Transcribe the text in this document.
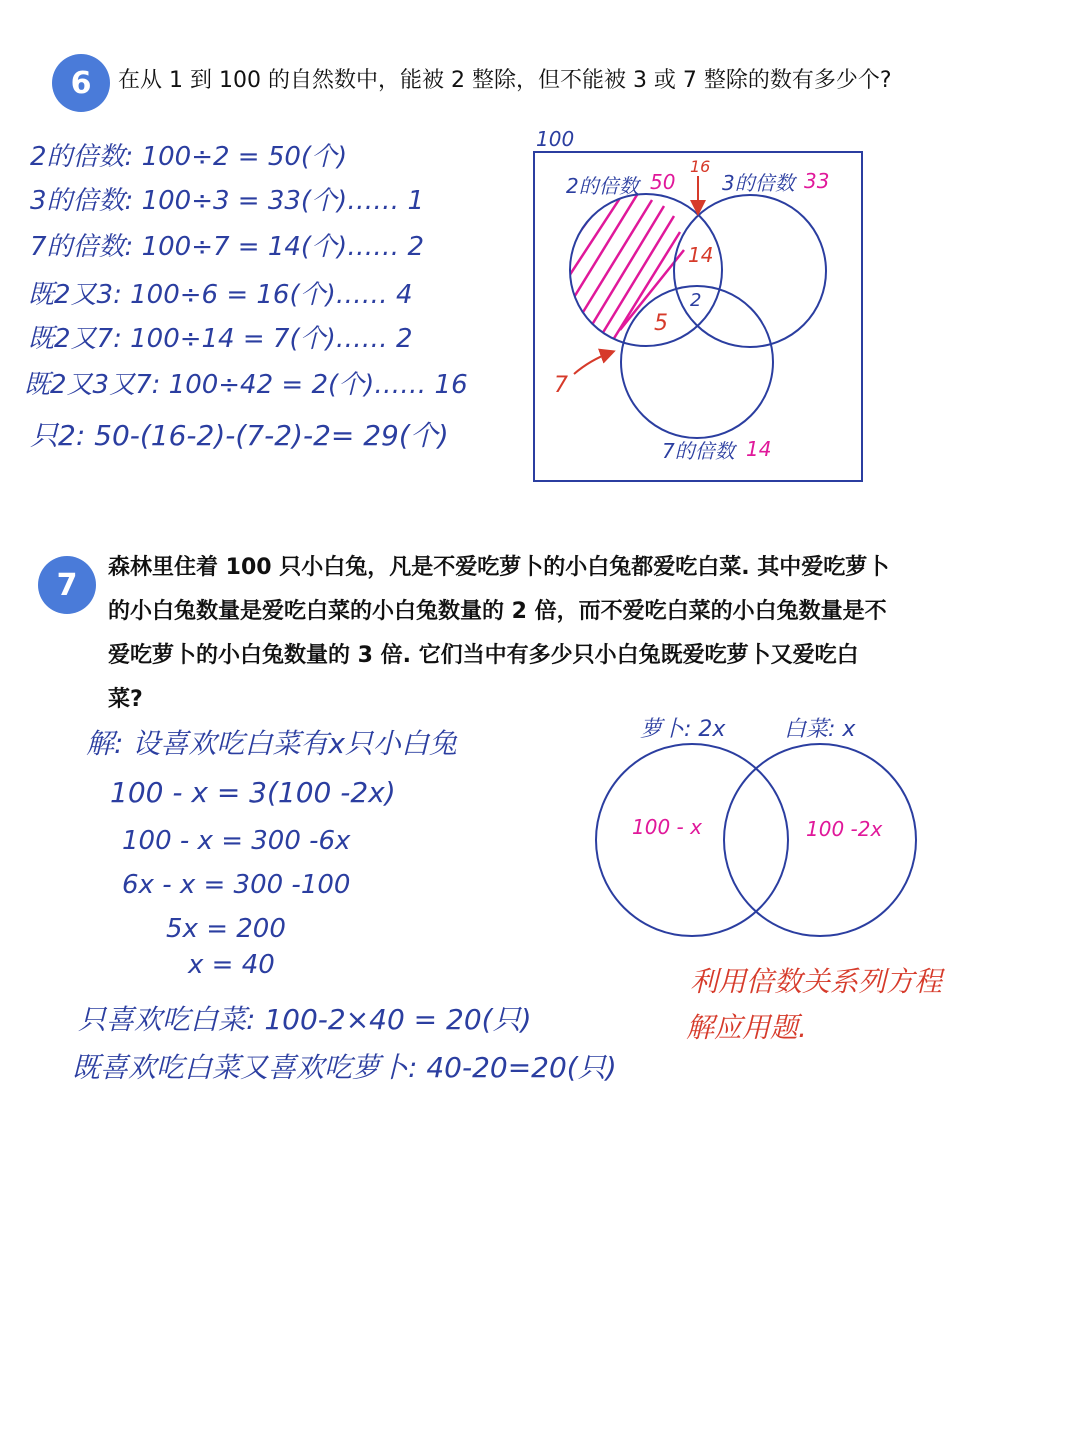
6	在从 1 到 100 的自然数中，能被 2 整除，但不能被 3 或 7 整除的数有多少个?
2的倍数: 100÷2 = 50(个)
3的倍数: 100÷3 = 33(个)…… 1
7的倍数: 100÷7 = 14(个)…… 2
既2又3: 100÷6 = 16(个)…… 4
既2又7: 100÷14 = 7(个)…… 2
既2又3又7: 100÷42 = 2(个)…… 16
只2: 50-(16-2)-(7-2)-2= 29(个)
100
2的倍数 50 3的倍数 33
7的倍数 14
16
14
2
5
7
7	森林里住着 100 只小白兔，凡是不爱吃萝卜的小白兔都爱吃白菜. 其中爱吃萝卜
的小白兔数量是爱吃白菜的小白兔数量的 2 倍，而不爱吃白菜的小白兔数量是不
爱吃萝卜的小白兔数量的 3 倍. 它们当中有多少只小白兔既爱吃萝卜又爱吃白
菜?
解: 设喜欢吃白菜有x只小白兔
100 - x = 3(100 -2x)
100 - x = 300 -6x
6x - x = 300 -100
5x = 200
x = 40
只喜欢吃白菜: 100-2×40 = 20(只)
既喜欢吃白菜又喜欢吃萝卜: 40-20=20(只)
萝卜: 2x	白菜: x
100 - x	100 -2x
利用倍数关系列方程
解应用题.
